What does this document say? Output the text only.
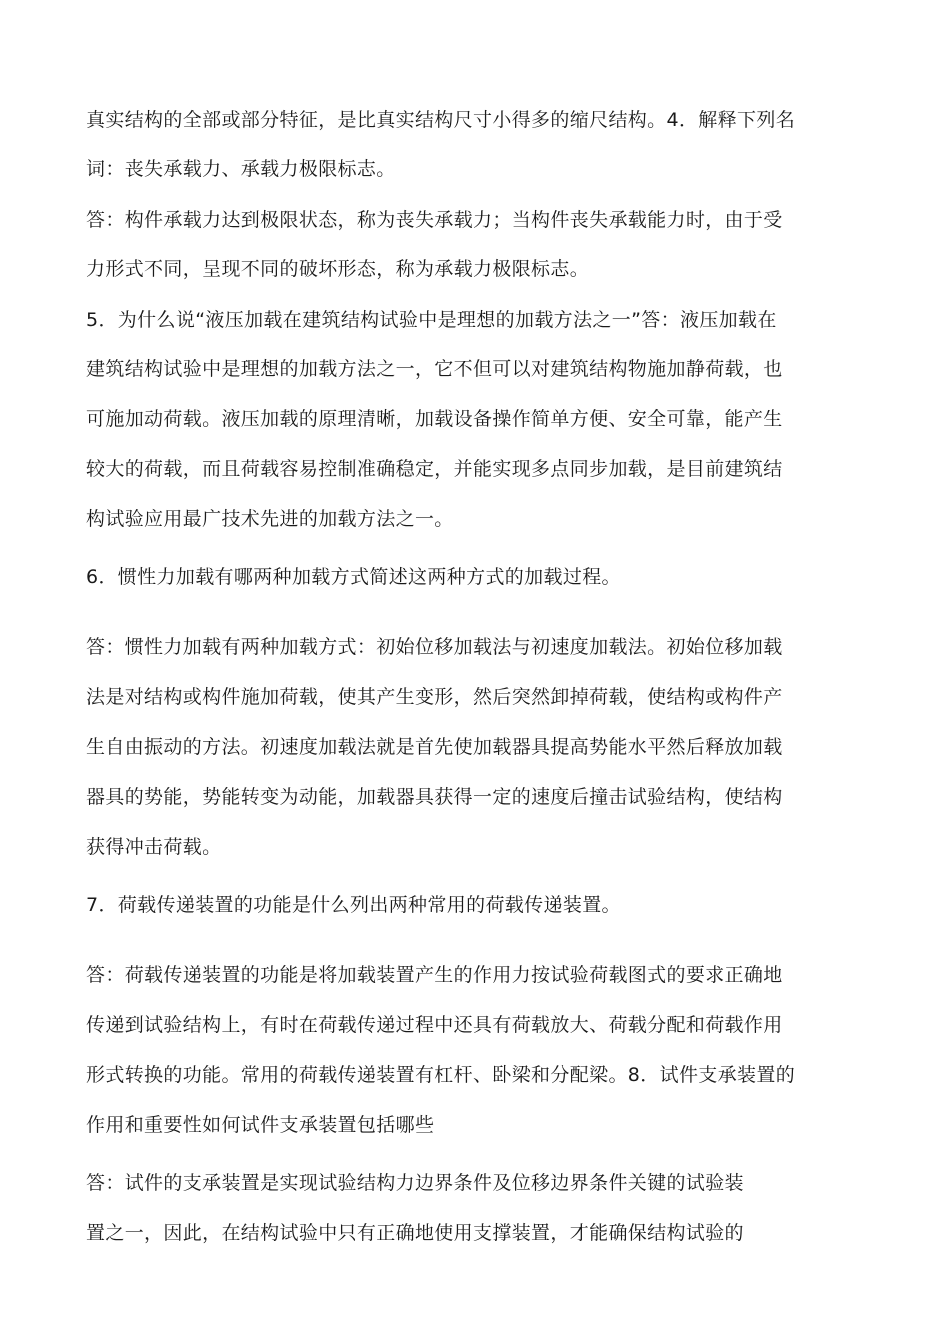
真实结构的全部或部分特征，是比真实结构尺寸小得多的缩尺结构。4．解释下列名
词：丧失承载力、承载力极限标志。
答：构件承载力达到极限状态，称为丧失承载力；当构件丧失承载能力时，由于受
力形式不同，呈现不同的破坏形态，称为承载力极限标志。
5．为什么说“液压加载在建筑结构试验中是理想的加载方法之一”答：液压加载在
建筑结构试验中是理想的加载方法之一，它不但可以对建筑结构物施加静荷载，也
可施加动荷载。液压加载的原理清晰，加载设备操作简单方便、安全可靠，能产生
较大的荷载，而且荷载容易控制准确稳定，并能实现多点同步加载，是目前建筑结
构试验应用最广技术先进的加载方法之一。
6．惯性力加载有哪两种加载方式简述这两种方式的加载过程。
答：惯性力加载有两种加载方式：初始位移加载法与初速度加载法。初始位移加载
法是对结构或构件施加荷载，使其产生变形，然后突然卸掉荷载，使结构或构件产
生自由振动的方法。初速度加载法就是首先使加载器具提高势能水平然后释放加载
器具的势能，势能转变为动能，加载器具获得一定的速度后撞击试验结构，使结构
获得冲击荷载。
7．荷载传递装置的功能是什么列出两种常用的荷载传递装置。
答：荷载传递装置的功能是将加载装置产生的作用力按试验荷载图式的要求正确地
传递到试验结构上，有时在荷载传递过程中还具有荷载放大、荷载分配和荷载作用
形式转换的功能。常用的荷载传递装置有杠杆、卧梁和分配梁。8．试件支承装置的
作用和重要性如何试件支承装置包括哪些
答：试件的支承装置是实现试验结构力边界条件及位移边界条件关键的试验装
置之一，因此，在结构试验中只有正确地使用支撑装置，才能确保结构试验的
